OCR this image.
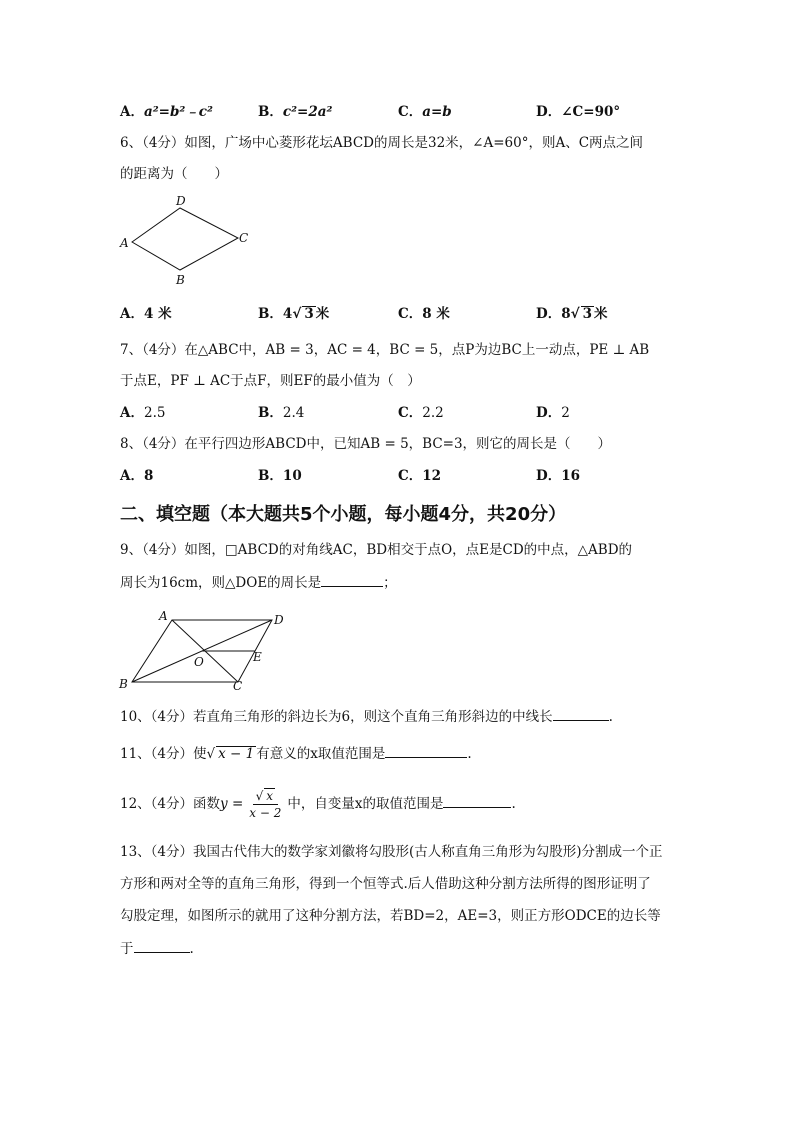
A．a²=b²﹣c²	B．c²=2a²	C．a=b	D．∠C=90°
6、（4分）如图，广场中心菱形花坛ABCD的周长是32米，∠A=60°，则A、C两点之间
的距离为（　　）
A
D
C
B
A．4 米	B．4√ 3 米	C．8 米	D．8√ 3 米
7、（4分）在△ABC中，AB = 3，AC = 4，BC = 5，点P为边BC上一动点，PE ⊥ AB
于点E，PF ⊥ AC于点F，则EF的最小值为（　）
A．2.5	B．2.4	C．2.2	D．2
8、（4分）在平行四边形ABCD中，已知AB = 5，BC=3，则它的周长是（　　）
A．8	B．10	C．12	D．16
二、填空题（本大题共5个小题，每小题4分，共20分）
9、（4分）如图，□ABCD的对角线AC，BD相交于点O，点E是CD的中点，△ABD的
周长为16cm，则△DOE的周长是	；
A	D
E
O
B	C
10、（4分）若直角三角形的斜边长为6，则这个直角三角形斜边的中线长	.
11、（4分）使√ x − 1 有意义的x取值范围是	.
12、（4分）函数$y = \frac{√ x}{x - 2}$ 中，自变量x的取值范围是	.
13、（4分）我国古代伟大的数学家刘徽将勾股形(古人称直角三角形为勾股形)分割成一个正
方形和两对全等的直角三角形，得到一个恒等式.后人借助这种分割方法所得的图形证明了
勾股定理，如图所示的就用了这种分割方法，若BD=2，AE=3，则正方形ODCE的边长等
于	.
